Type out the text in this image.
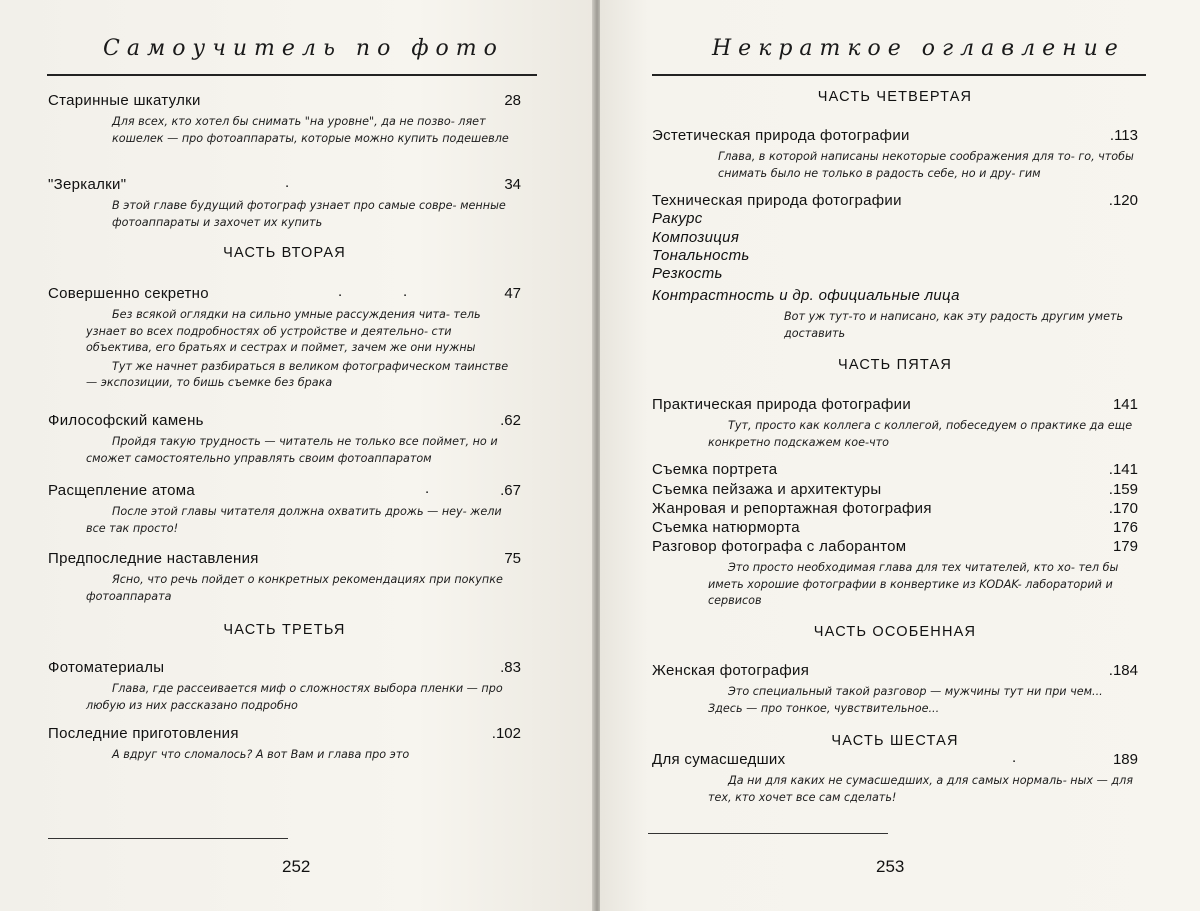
Самоучитель по фото
Старинные шкатулки	28
Для всех, кто хотел бы снимать "на уровне", да не позво- ляет кошелек — про фотоаппараты, которые можно купить подешевле
"Зеркалки"	.	34
В этой главе будущий фотограф узнает про самые совре- менные фотоаппараты и захочет их купить
ЧАСТЬ ВТОРАЯ
Совершенно секретно	.	.	47
Без всякой оглядки на сильно умные рассуждения чита- тель узнает во всех подробностях об устройстве и деятельно- сти объектива, его братьях и сестрах и поймет, зачем же они нужны
Тут же начнет разбираться в великом фотографическом таинстве — экспозиции, то бишь съемке без брака
Философский камень	.62
Пройдя такую трудность — читатель не только все поймет, но и сможет самостоятельно управлять своим фотоаппаратом
Расщепление атома	.	.67
После этой главы читателя должна охватить дрожь — неу- жели все так просто!
Предпоследние наставления	75
Ясно, что речь пойдет о конкретных рекомендациях при покупке фотоаппарата
ЧАСТЬ ТРЕТЬЯ
Фотоматериалы	.83
Глава, где рассеивается миф о сложностях выбора пленки — про любую из них рассказано подробно
Последние приготовления	.102
А вдруг что сломалось? А вот Вам и глава про это
252
Некраткое оглавление
ЧАСТЬ ЧЕТВЕРТАЯ
Эстетическая природа фотографии	.113
Глава, в которой написаны некоторые соображения для то- го, чтобы снимать было не только в радость себе, но и дру- гим
Техническая природа фотографии	.120
Ракурс
Композиция
Тональность
Резкость
Контрастность и др. официальные лица
Вот уж тут-то и написано, как эту радость другим уметь доставить
ЧАСТЬ ПЯТАЯ
Практическая природа фотографии	141
Тут, просто как коллега с коллегой, побеседуем о практике да еще конкретно подскажем кое-что
Съемка портрета	.141
Съемка пейзажа и архитектуры	.159
Жанровая и репортажная фотография	.170
Съемка натюрморта	176
Разговор фотографа с лаборантом	179
Это просто необходимая глава для тех читателей, кто хо- тел бы иметь хорошие фотографии в конвертике из KODAK- лабораторий и сервисов
ЧАСТЬ ОСОБЕННАЯ
Женская фотография	.184
Это специальный такой разговор — мужчины тут ни при чем... Здесь — про тонкое, чувствительное...
ЧАСТЬ ШЕСТАЯ
Для сумасшедших	.	189
Да ни для каких не сумасшедших, а для самых нормаль- ных — для тех, кто хочет все сам сделать!
253
